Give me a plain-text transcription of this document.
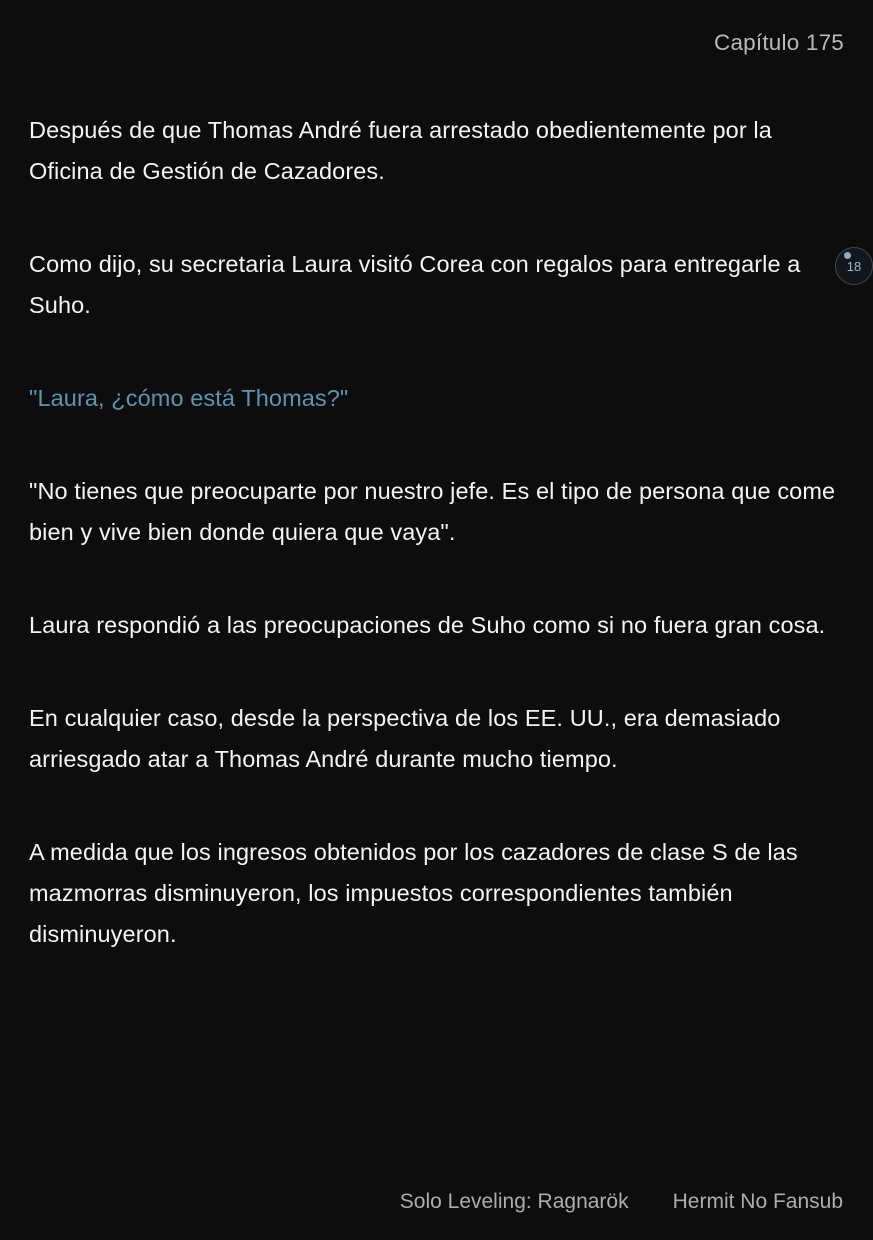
Capítulo 175

Después de que Thomas André fuera arrestado obedientemente por la Oficina de Gestión de Cazadores.

Como dijo, su secretaria Laura visitó Corea con regalos para entregarle a Suho.

"Laura, ¿cómo está Thomas?"

"No tienes que preocuparte por nuestro jefe. Es el tipo de persona que come bien y vive bien donde quiera que vaya".

Laura respondió a las preocupaciones de Suho como si no fuera gran cosa.

En cualquier caso, desde la perspectiva de los EE. UU., era demasiado arriesgado atar a Thomas André durante mucho tiempo.

A medida que los ingresos obtenidos por los cazadores de clase S de las mazmorras disminuyeron, los impuestos correspondientes también disminuyeron.

18
Solo Leveling: Ragnarök Hermit No Fansub
